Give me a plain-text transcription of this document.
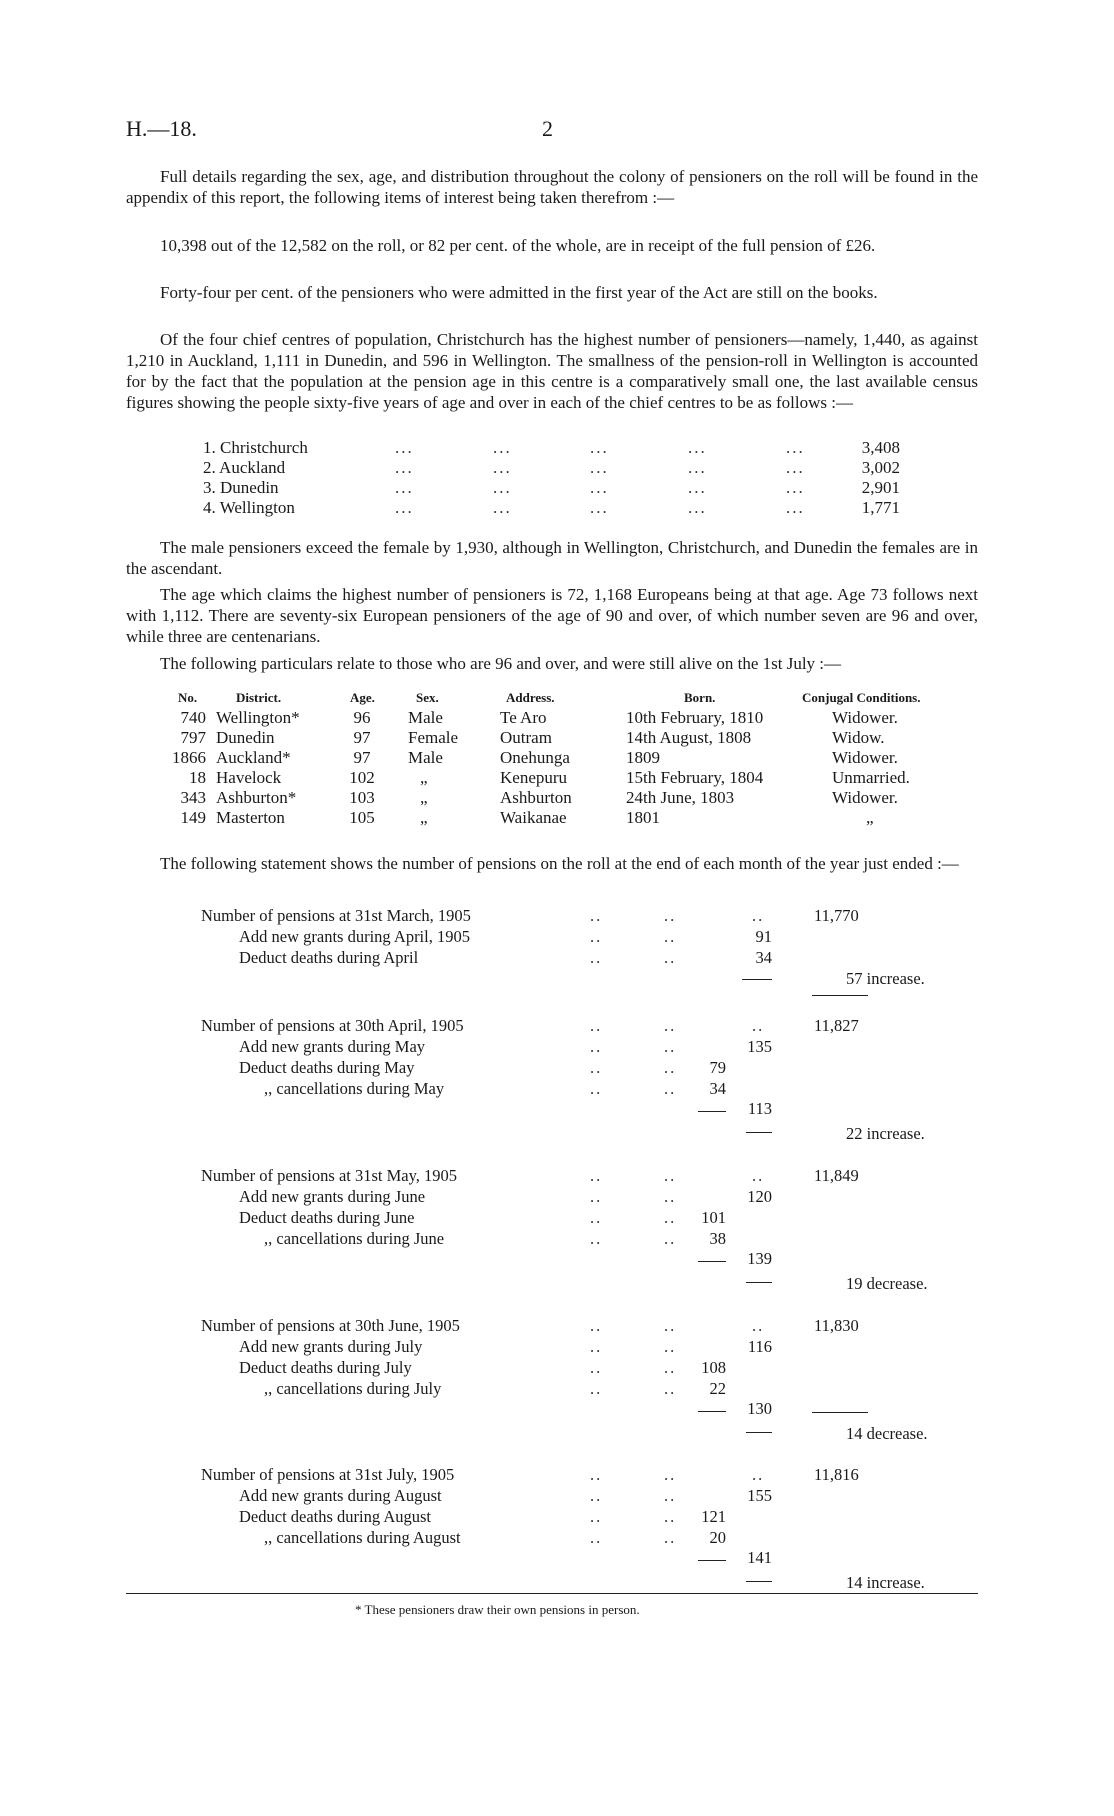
H.—18.	2

Full details regarding the sex, age, and distribution throughout the colony of pensioners on the roll will be found in the appendix of this report, the following items of interest being taken therefrom :—

10,398 out of the 12,582 on the roll, or 82 per cent. of the whole, are in receipt of the full pension of £26.

Forty-four per cent. of the pensioners who were admitted in the first year of the Act are still on the books.

Of the four chief centres of population, Christchurch has the highest number of pensioners—namely, 1,440, as against 1,210 in Auckland, 1,111 in Dunedin, and 596 in Wellington. The smallness of the pension-roll in Wellington is accounted for by the fact that the population at the pension age in this centre is a comparatively small one, the last available census figures showing the people sixty-five years of age and over in each of the chief centres to be as follows :—

1. Christchurch	...	...	...	...	...	3,408
2. Auckland	...	...	...	...	...	3,002
3. Dunedin	...	...	...	...	...	2,901
4. Wellington	...	...	...	...	...	1,771

The male pensioners exceed the female by 1,930, although in Wellington, Christchurch, and Dunedin the females are in the ascendant.

The age which claims the highest number of pensioners is 72, 1,168 Europeans being at that age. Age 73 follows next with 1,112. There are seventy-six European pensioners of the age of 90 and over, of which number seven are 96 and over, while three are centenarians.

The following particulars relate to those who are 96 and over, and were still alive on the 1st July :—

No.	District.	Age.	Sex.	Address.	Born.	Conjugal Conditions.
740 Wellington*	96	Male	Te Aro	10th February, 1810	Widower.
797 Dunedin	97	Female Outram	14th August, 1808	Widow.
1866 Auckland*	97	Male	Onehunga	1809	Widower.
18 Havelock	102	„	Kenepuru	15th February, 1804	Unmarried.
343 Ashburton*	103	„	Ashburton	24th June, 1803	Widower.
149 Masterton	105	„	Waikanae	1801	„

The following statement shows the number of pensions on the roll at the end of each month of the year just ended :—

Number of pensions at 31st March, 1905	..	..	..	11,770
Add new grants during April, 1905	..	..	91
Deduct deaths during April	..	..	34
57 increase.
Number of pensions at 30th April, 1905	..	..	..	11,827
Add new grants during May	..	..	135
Deduct deaths during May	..	..	79
,, cancellations during May	..	..	34
113
22 increase.
Number of pensions at 31st May, 1905	..	..	..	11,849
Add new grants during June	..	..	120
Deduct deaths during June	..	..	101
,, cancellations during June	..	..	38
139
19 decrease.
Number of pensions at 30th June, 1905	..	..	..	11,830
Add new grants during July	..	..	116
Deduct deaths during July	..	..	108
,, cancellations during July	..	..	22
130
14 decrease.
Number of pensions at 31st July, 1905	..	..	..	11,816
Add new grants during August	..	..	155
Deduct deaths during August	..	..	121
,, cancellations during August	..	..	20
141
14 increase.
* These pensioners draw their own pensions in person.
